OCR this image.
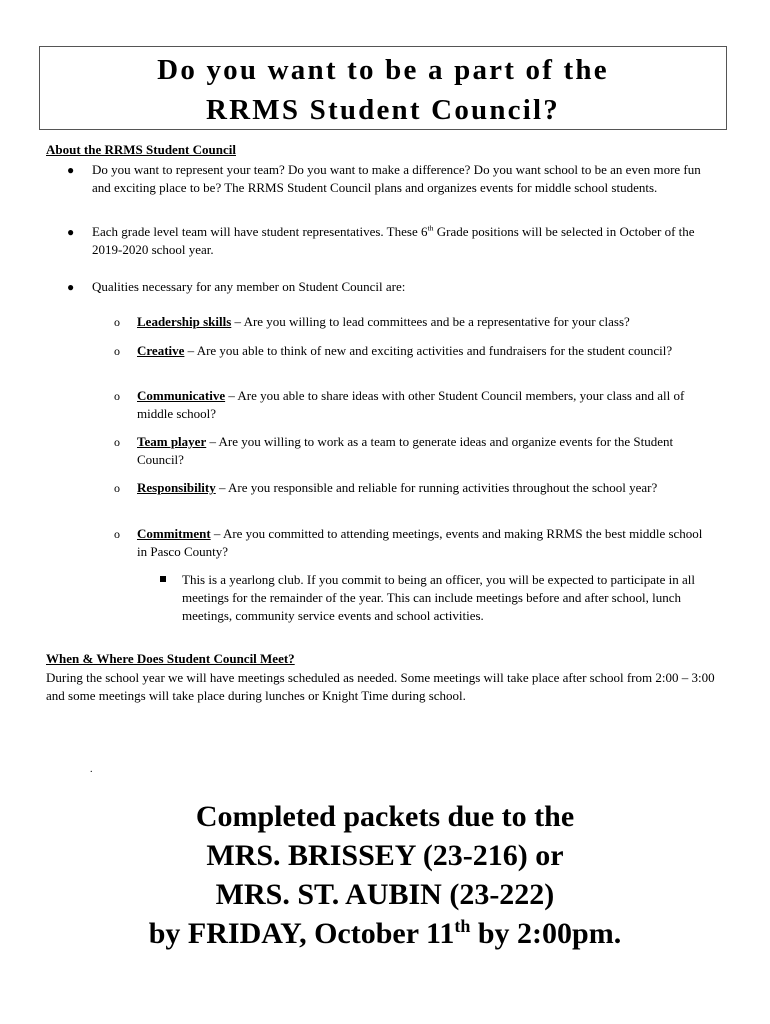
Do you want to be a part of the
RRMS Student Council?
About the RRMS Student Council
●	Do you want to represent your team? Do you want to make a difference? Do you want school to be an even more fun and exciting place to be? The RRMS Student Council plans and organizes events for middle school students.
●	Each grade level team will have student representatives. These 6th Grade positions will be selected in October of the 2019-2020 school year.
●	Qualities necessary for any member on Student Council are:
o Leadership skills – Are you willing to lead committees and be a representative for your class?
o Creative – Are you able to think of new and exciting activities and fundraisers for the student council?
o Communicative – Are you able to share ideas with other Student Council members, your class and all of middle school?
o Team player – Are you willing to work as a team to generate ideas and organize events for the Student Council?
o Responsibility – Are you responsible and reliable for running activities throughout the school year?
o Commitment – Are you committed to attending meetings, events and making RRMS the best middle school in Pasco County?
This is a yearlong club. If you commit to being an officer, you will be expected to participate in all meetings for the remainder of the year. This can include meetings before and after school, lunch meetings, community service events and school activities.
When & Where Does Student Council Meet?
During the school year we will have meetings scheduled as needed. Some meetings will take place after school from 2:00 – 3:00 and some meetings will take place during lunches or Knight Time during school.
.
Completed packets due to the
MRS. BRISSEY (23-216) or
MRS. ST. AUBIN (23-222)
by FRIDAY, October 11th by 2:00pm.
